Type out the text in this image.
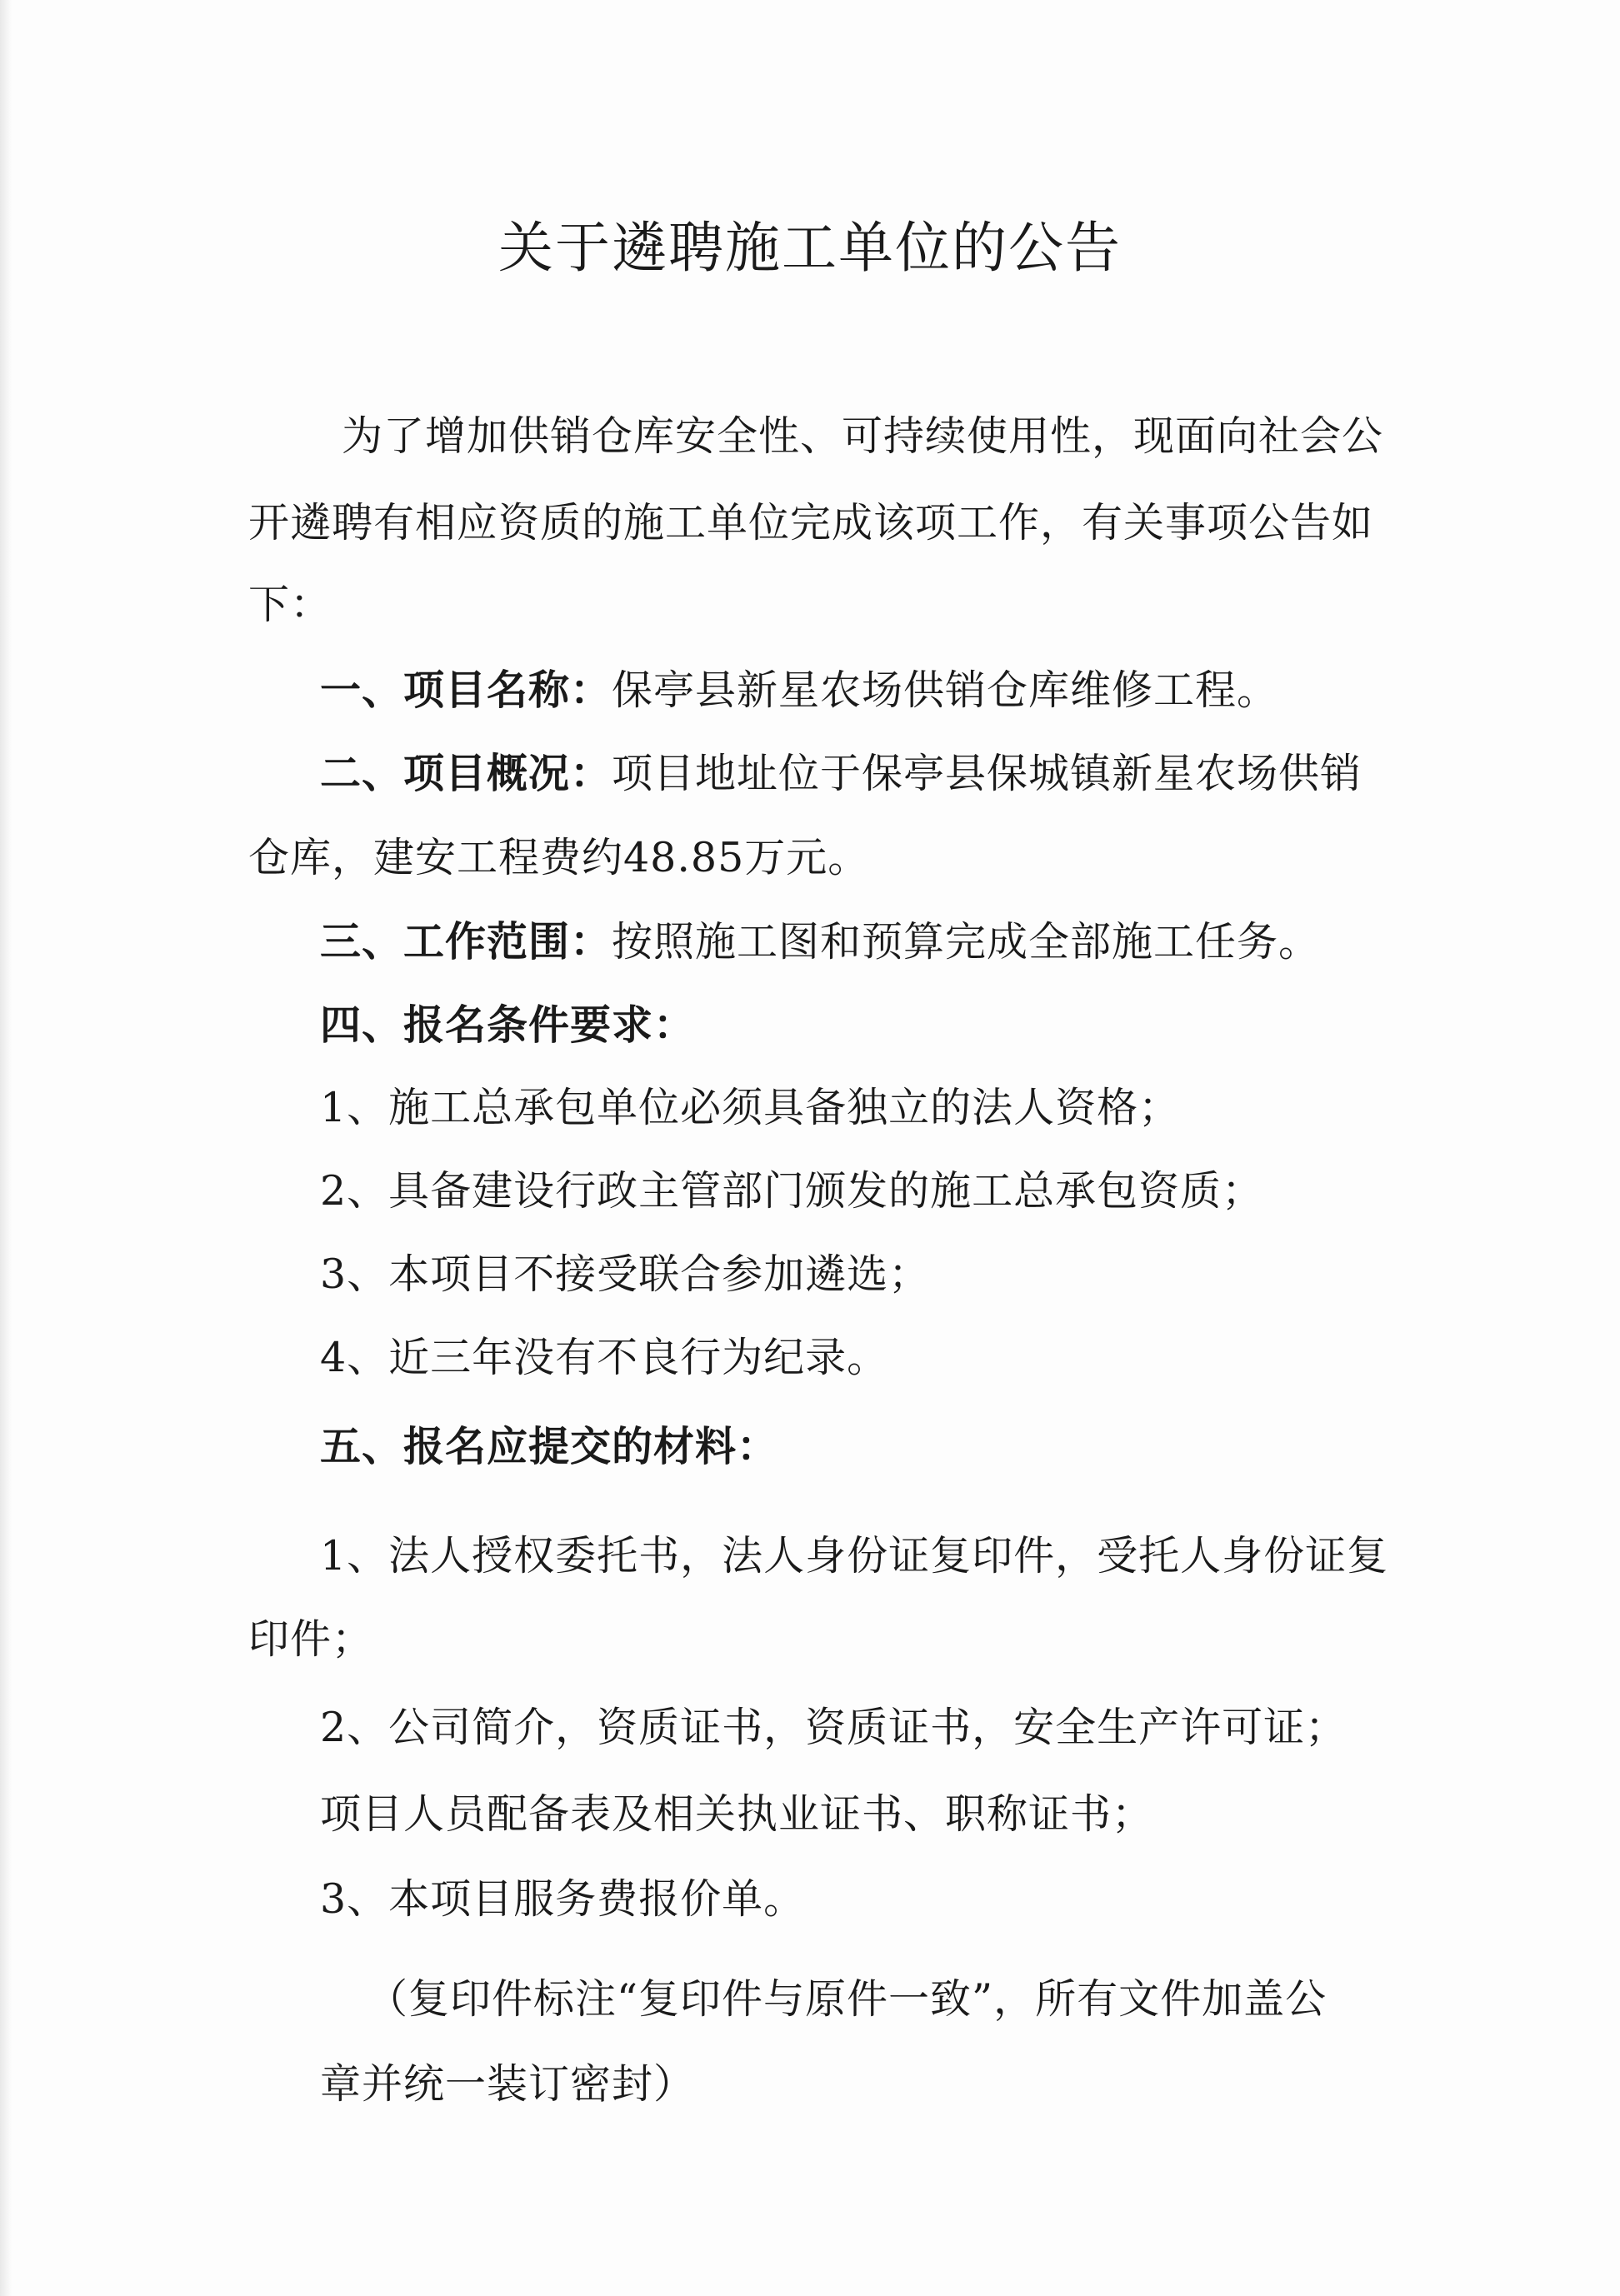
关于遴聘施工单位的公告
为了增加供销仓库安全性、可持续使用性，现面向社会公
开遴聘有相应资质的施工单位完成该项工作，有关事项公告如
下：
一、项目名称：保亭县新星农场供销仓库维修工程。
二、项目概况：项目地址位于保亭县保城镇新星农场供销
仓库，建安工程费约48.85万元。
三、工作范围：按照施工图和预算完成全部施工任务。
四、报名条件要求：
1、施工总承包单位必须具备独立的法人资格；
2、具备建设行政主管部门颁发的施工总承包资质；
3、本项目不接受联合参加遴选；
4、近三年没有不良行为纪录。
五、报名应提交的材料：
1、法人授权委托书，法人身份证复印件，受托人身份证复
印件；
2、公司简介，资质证书，资质证书，安全生产许可证；
项目人员配备表及相关执业证书、职称证书；
3、本项目服务费报价单。
（复印件标注“复印件与原件一致”，所有文件加盖公
章并统一装订密封）
